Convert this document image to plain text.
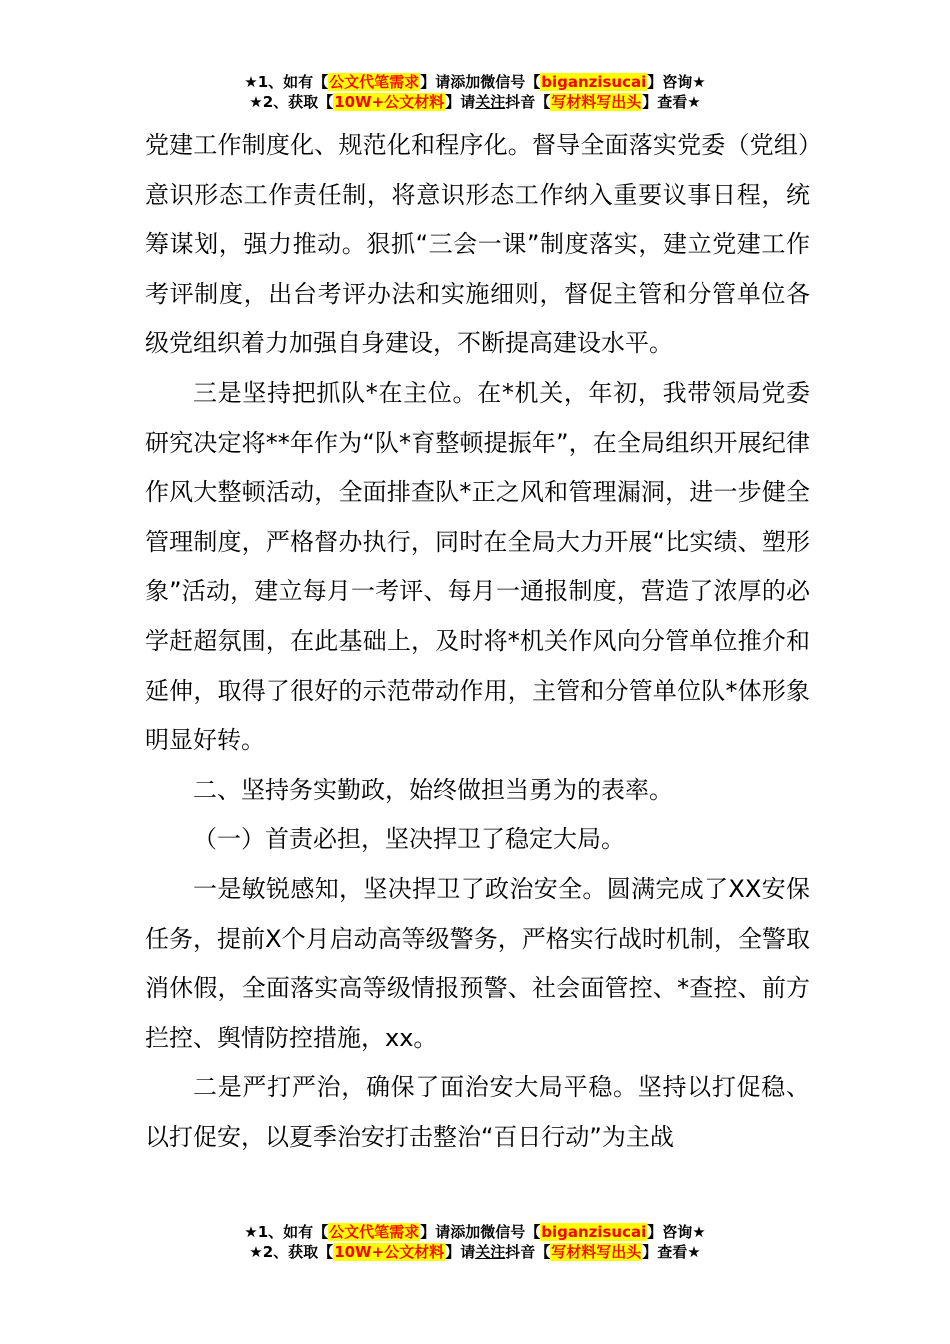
★1、如有【公文代笔需求】请添加微信号【biganzisucai】咨询★
★2、获取【10W+公文材料】请关注抖音【写材料写出头】查看★

党建工作制度化、规范化和程序化。督导全面落实党委（党组）意识形态工作责任制，将意识形态工作纳入重要议事日程，统筹谋划，强力推动。狠抓“三会一课”制度落实，建立党建工作考评制度，出台考评办法和实施细则，督促主管和分管单位各级党组织着力加强自身建设，不断提高建设水平。

三是坚持把抓队*在主位。在*机关，年初，我带领局党委研究决定将**年作为“队*育整顿提振年”，在全局组织开展纪律作风大整顿活动，全面排查队*正之风和管理漏洞，进一步健全管理制度，严格督办执行，同时在全局大力开展“比实绩、塑形象”活动，建立每月一考评、每月一通报制度，营造了浓厚的必学赶超氛围，在此基础上，及时将*机关作风向分管单位推介和延伸，取得了很好的示范带动作用，主管和分管单位队*体形象明显好转。

二、坚持务实勤政，始终做担当勇为的表率。

（一）首责必担，坚决捍卫了稳定大局。

一是敏锐感知，坚决捍卫了政治安全。圆满完成了XX安保任务，提前X个月启动高等级警务，严格实行战时机制，全警取消休假，全面落实高等级情报预警、社会面管控、*查控、前方拦控、舆情防控措施，xx。

二是严打严治，确保了面治安大局平稳。坚持以打促稳、以打促安，以夏季治安打击整治“百日行动”为主战

★1、如有【公文代笔需求】请添加微信号【biganzisucai】咨询★
★2、获取【10W+公文材料】请关注抖音【写材料写出头】查看★
